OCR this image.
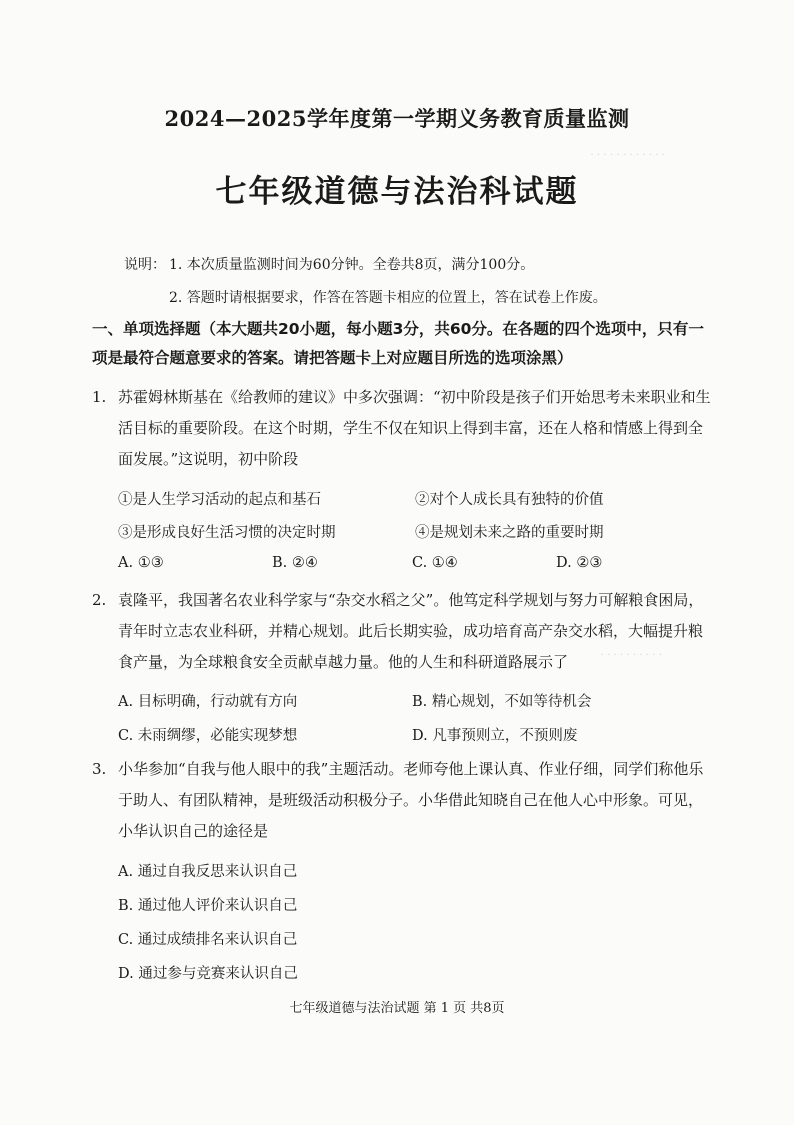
．．．．．．．．．．．．
．．．．．．．．．．
2024—2025学年度第一学期义务教育质量监测
七年级道德与法治科试题
说明： 1. 本次质量监测时间为60分钟。全卷共8页，满分100分。
2. 答题时请根据要求，作答在答题卡相应的位置上，答在试卷上作废。
一、单项选择题（本大题共20小题，每小题3分，共60分。在各题的四个选项中，只有一
项是最符合题意要求的答案。请把答题卡上对应题目所选的选项涂黑）
1. 苏霍姆林斯基在《给教师的建议》中多次强调：“初中阶段是孩子们开始思考未来职业和生活目标的重要阶段。在这个时期，学生不仅在知识上得到丰富，还在人格和情感上得到全面发展。”这说明，初中阶段
①是人生学习活动的起点和基石	②对个人成长具有独特的价值
③是形成良好生活习惯的决定时期	④是规划未来之路的重要时期
A. ①③	B. ②④	C. ①④	D. ②③
2. 袁隆平，我国著名农业科学家与“杂交水稻之父”。他笃定科学规划与努力可解粮食困局，青年时立志农业科研，并精心规划。此后长期实验，成功培育高产杂交水稻，大幅提升粮食产量，为全球粮食安全贡献卓越力量。他的人生和科研道路展示了
A. 目标明确，行动就有方向	B. 精心规划，不如等待机会
C. 未雨绸缪，必能实现梦想	D. 凡事预则立，不预则废
3. 小华参加“自我与他人眼中的我”主题活动。老师夸他上课认真、作业仔细，同学们称他乐于助人、有团队精神，是班级活动积极分子。小华借此知晓自己在他人心中形象。可见，小华认识自己的途径是
A. 通过自我反思来认识自己
B. 通过他人评价来认识自己
C. 通过成绩排名来认识自己
D. 通过参与竞赛来认识自己
七年级道德与法治试题 第 1 页 共8页
